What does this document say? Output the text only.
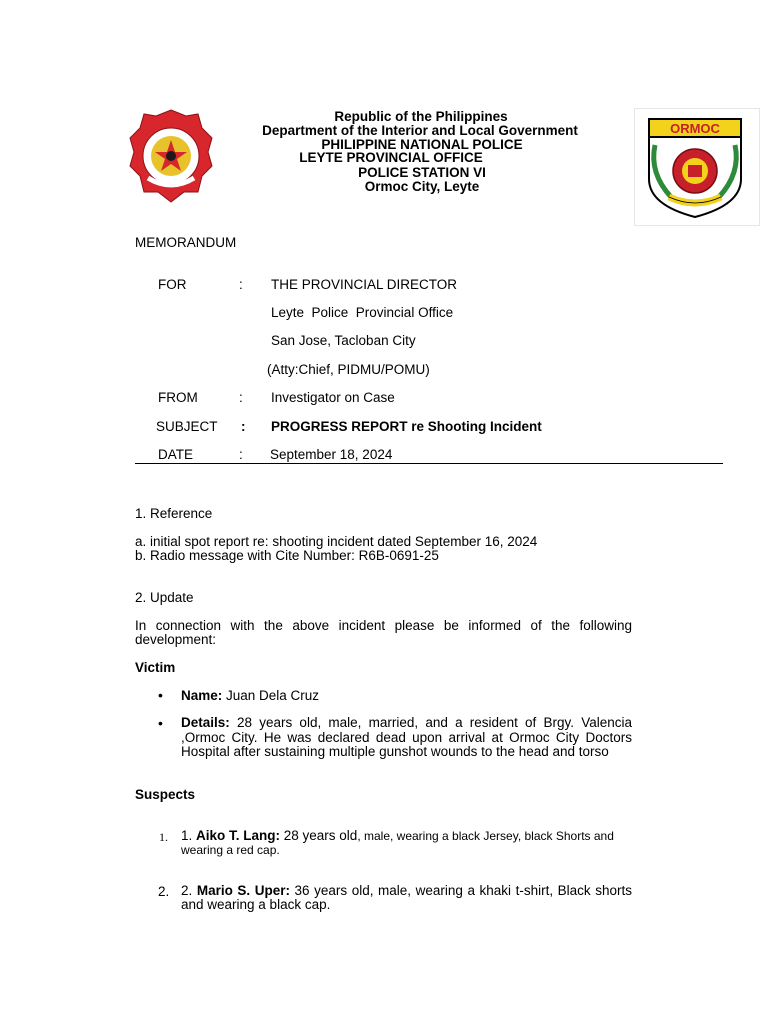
Republic of the Philippines
Department of the Interior and Local Government
PHILIPPINE NATIONAL POLICE
LEYTE PROVINCIAL OFFICE
POLICE STATION VI
Ormoc City, Leyte
ORMOC
MEMORANDUM
FOR	: THE PROVINCIAL DIRECTOR
Leyte  Police  Provincial Office
San Jose, Tacloban City
(Atty:Chief, PIDMU/POMU)
FROM	: Investigator on Case
SUBJECT : PROGRESS REPORT re Shooting Incident
DATE	: September 18, 2024
1. Reference
a. initial spot report re: shooting incident dated September 16, 2024
b. Radio message with Cite Number: R6B-0691-25
2. Update
In connection with the above incident please be informed of the following development:
Victim
• Name: Juan Dela Cruz
• Details: 28 years old, male, married, and a resident of Brgy. Valencia ,Ormoc City. He was declared dead upon arrival at Ormoc City Doctors Hospital after sustaining multiple gunshot wounds to the head and torso
Suspects
1. 1. Aiko T. Lang: 28 years old, male, wearing a black Jersey, black Shorts and wearing a red cap.
2. 2. Mario S. Uper: 36 years old, male, wearing a khaki t-shirt, Black shorts and wearing a black cap.
